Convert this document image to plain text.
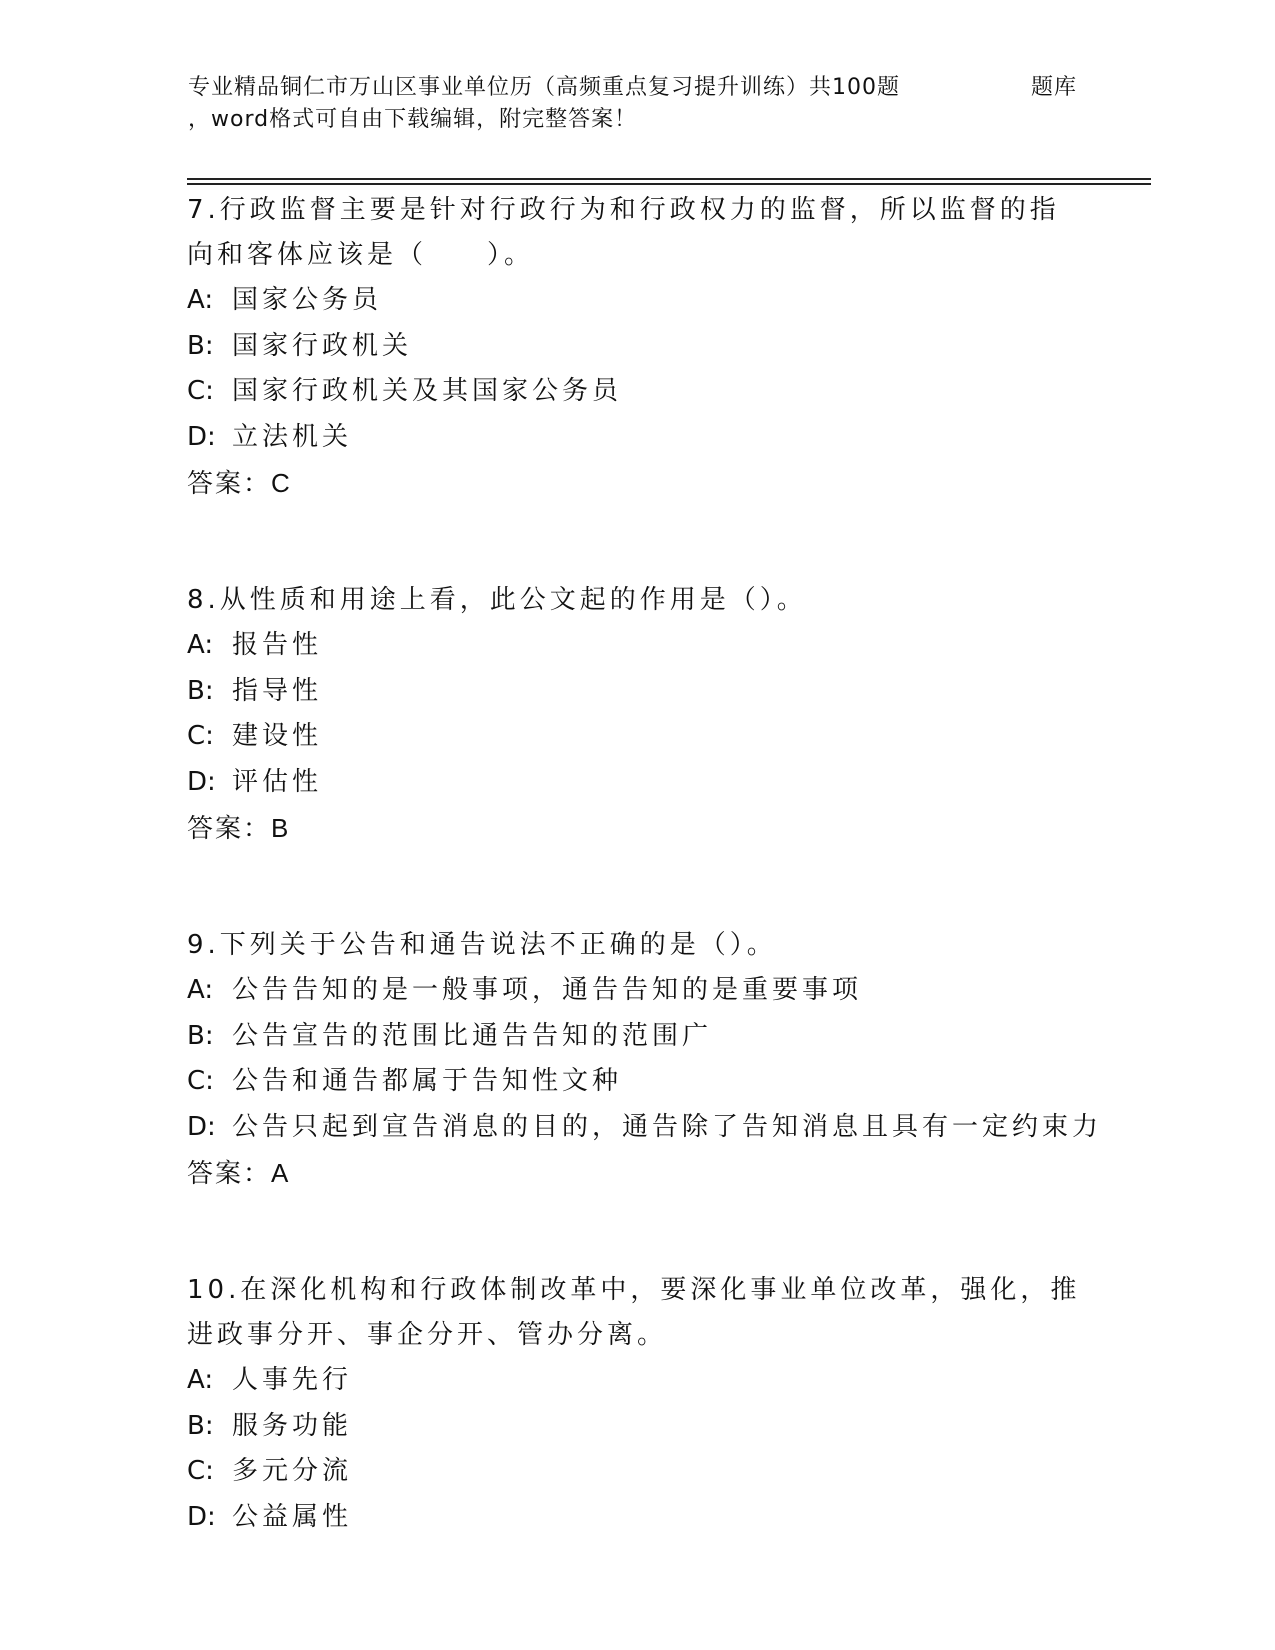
专业精品铜仁市万山区事业单位历（高频重点复习提升训练）共100题	题库
，word格式可自由下载编辑，附完整答案！

7.行政监督主要是针对行政行为和行政权力的监督，所以监督的指向和客体应该是（　　）。

A: 国家公务员
B: 国家行政机关
C: 国家行政机关及其国家公务员
D: 立法机关
答案：C

8.从性质和用途上看，此公文起的作用是（）。

A: 报告性
B: 指导性
C: 建设性
D: 评估性
答案：B

9.下列关于公告和通告说法不正确的是（）。

A: 公告告知的是一般事项，通告告知的是重要事项
B: 公告宣告的范围比通告告知的范围广
C: 公告和通告都属于告知性文种
D: 公告只起到宣告消息的目的，通告除了告知消息且具有一定约束力
答案：A

10.在深化机构和行政体制改革中，要深化事业单位改革，强化，推进政事分开、事企分开、管办分离。

A: 人事先行
B: 服务功能
C: 多元分流
D: 公益属性
